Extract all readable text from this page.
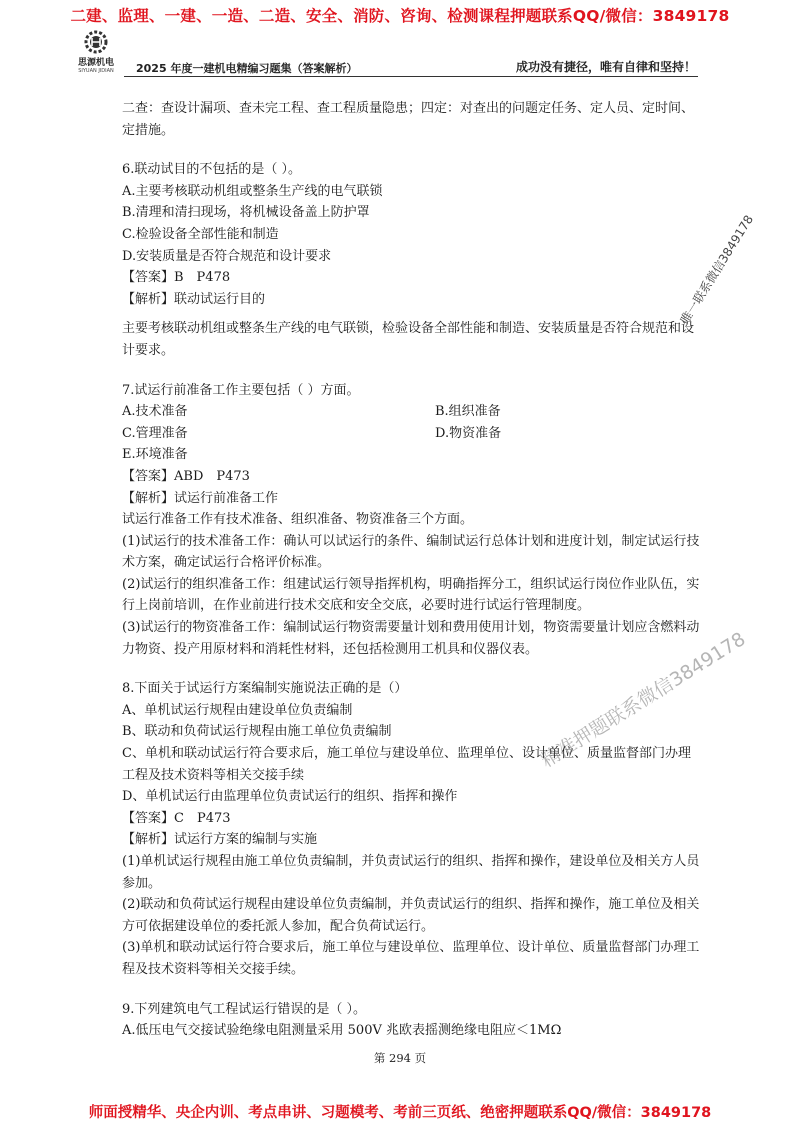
二建、监理、一建、一造、二造、安全、消防、咨询、检测课程押题联系QQ/微信：3849178
思源机电
SIYUAN JIDIAN	2025 年度一建机电精编习题集（答案解析）	成功没有捷径，唯有自律和坚持！

二查：查设计漏项、查未完工程、查工程质量隐患；四定：对查出的问题定任务、定人员、定时间、定措施。

6.联动试目的不包括的是（ ）。

A.主要考核联动机组或整条生产线的电气联锁

B.清理和清扫现场，将机械设备盖上防护罩

C.检验设备全部性能和制造

D.安装质量是否符合规范和设计要求

【答案】B　P478

【解析】联动试运行目的

主要考核联动机组或整条生产线的电气联锁，检验设备全部性能和制造、安装质量是否符合规范和设计要求。

7.试运行前准备工作主要包括（ ）方面。

A.技术准备	B.组织准备
C.管理准备	D.物资准备

E.环境准备

【答案】ABD　P473

【解析】试运行前准备工作

试运行准备工作有技术准备、组织准备、物资准备三个方面。

(1)试运行的技术准备工作：确认可以试运行的条件、编制试运行总体计划和进度计划，制定试运行技术方案，确定试运行合格评价标准。

(2)试运行的组织准备工作：组建试运行领导指挥机构，明确指挥分工，组织试运行岗位作业队伍，实行上岗前培训，在作业前进行技术交底和安全交底，必要时进行试运行管理制度。

(3)试运行的物资准备工作：编制试运行物资需要量计划和费用使用计划，物资需要量计划应含燃料动力物资、投产用原材料和消耗性材料，还包括检测用工机具和仪器仪表。

8.下面关于试运行方案编制实施说法正确的是（）

A、单机试运行规程由建设单位负责编制

B、联动和负荷试运行规程由施工单位负责编制

C、单机和联动试运行符合要求后，施工单位与建设单位、监理单位、设计单位、质量监督部门办理工程及技术资料等相关交接手续

D、单机试运行由监理单位负责试运行的组织、指挥和操作

【答案】C　P473

【解析】试运行方案的编制与实施

(1)单机试运行规程由施工单位负责编制，并负责试运行的组织、指挥和操作，建设单位及相关方人员参加。

(2)联动和负荷试运行规程由建设单位负责编制，并负责试运行的组织、指挥和操作，施工单位及相关方可依据建设单位的委托派人参加，配合负荷试运行。

(3)单机和联动试运行符合要求后，施工单位与建设单位、监理单位、设计单位、质量监督部门办理工程及技术资料等相关交接手续。

9.下列建筑电气工程试运行错误的是（ ）。

A.低压电气交接试验绝缘电阻测量采用 500V 兆欧表摇测绝缘电阻应＜1MΩ

唯一联系微信3849178
精准押题联系微信3849178
第 294 页
师面授精华、央企内训、考点串讲、习题模考、考前三页纸、绝密押题联系QQ/微信：3849178
